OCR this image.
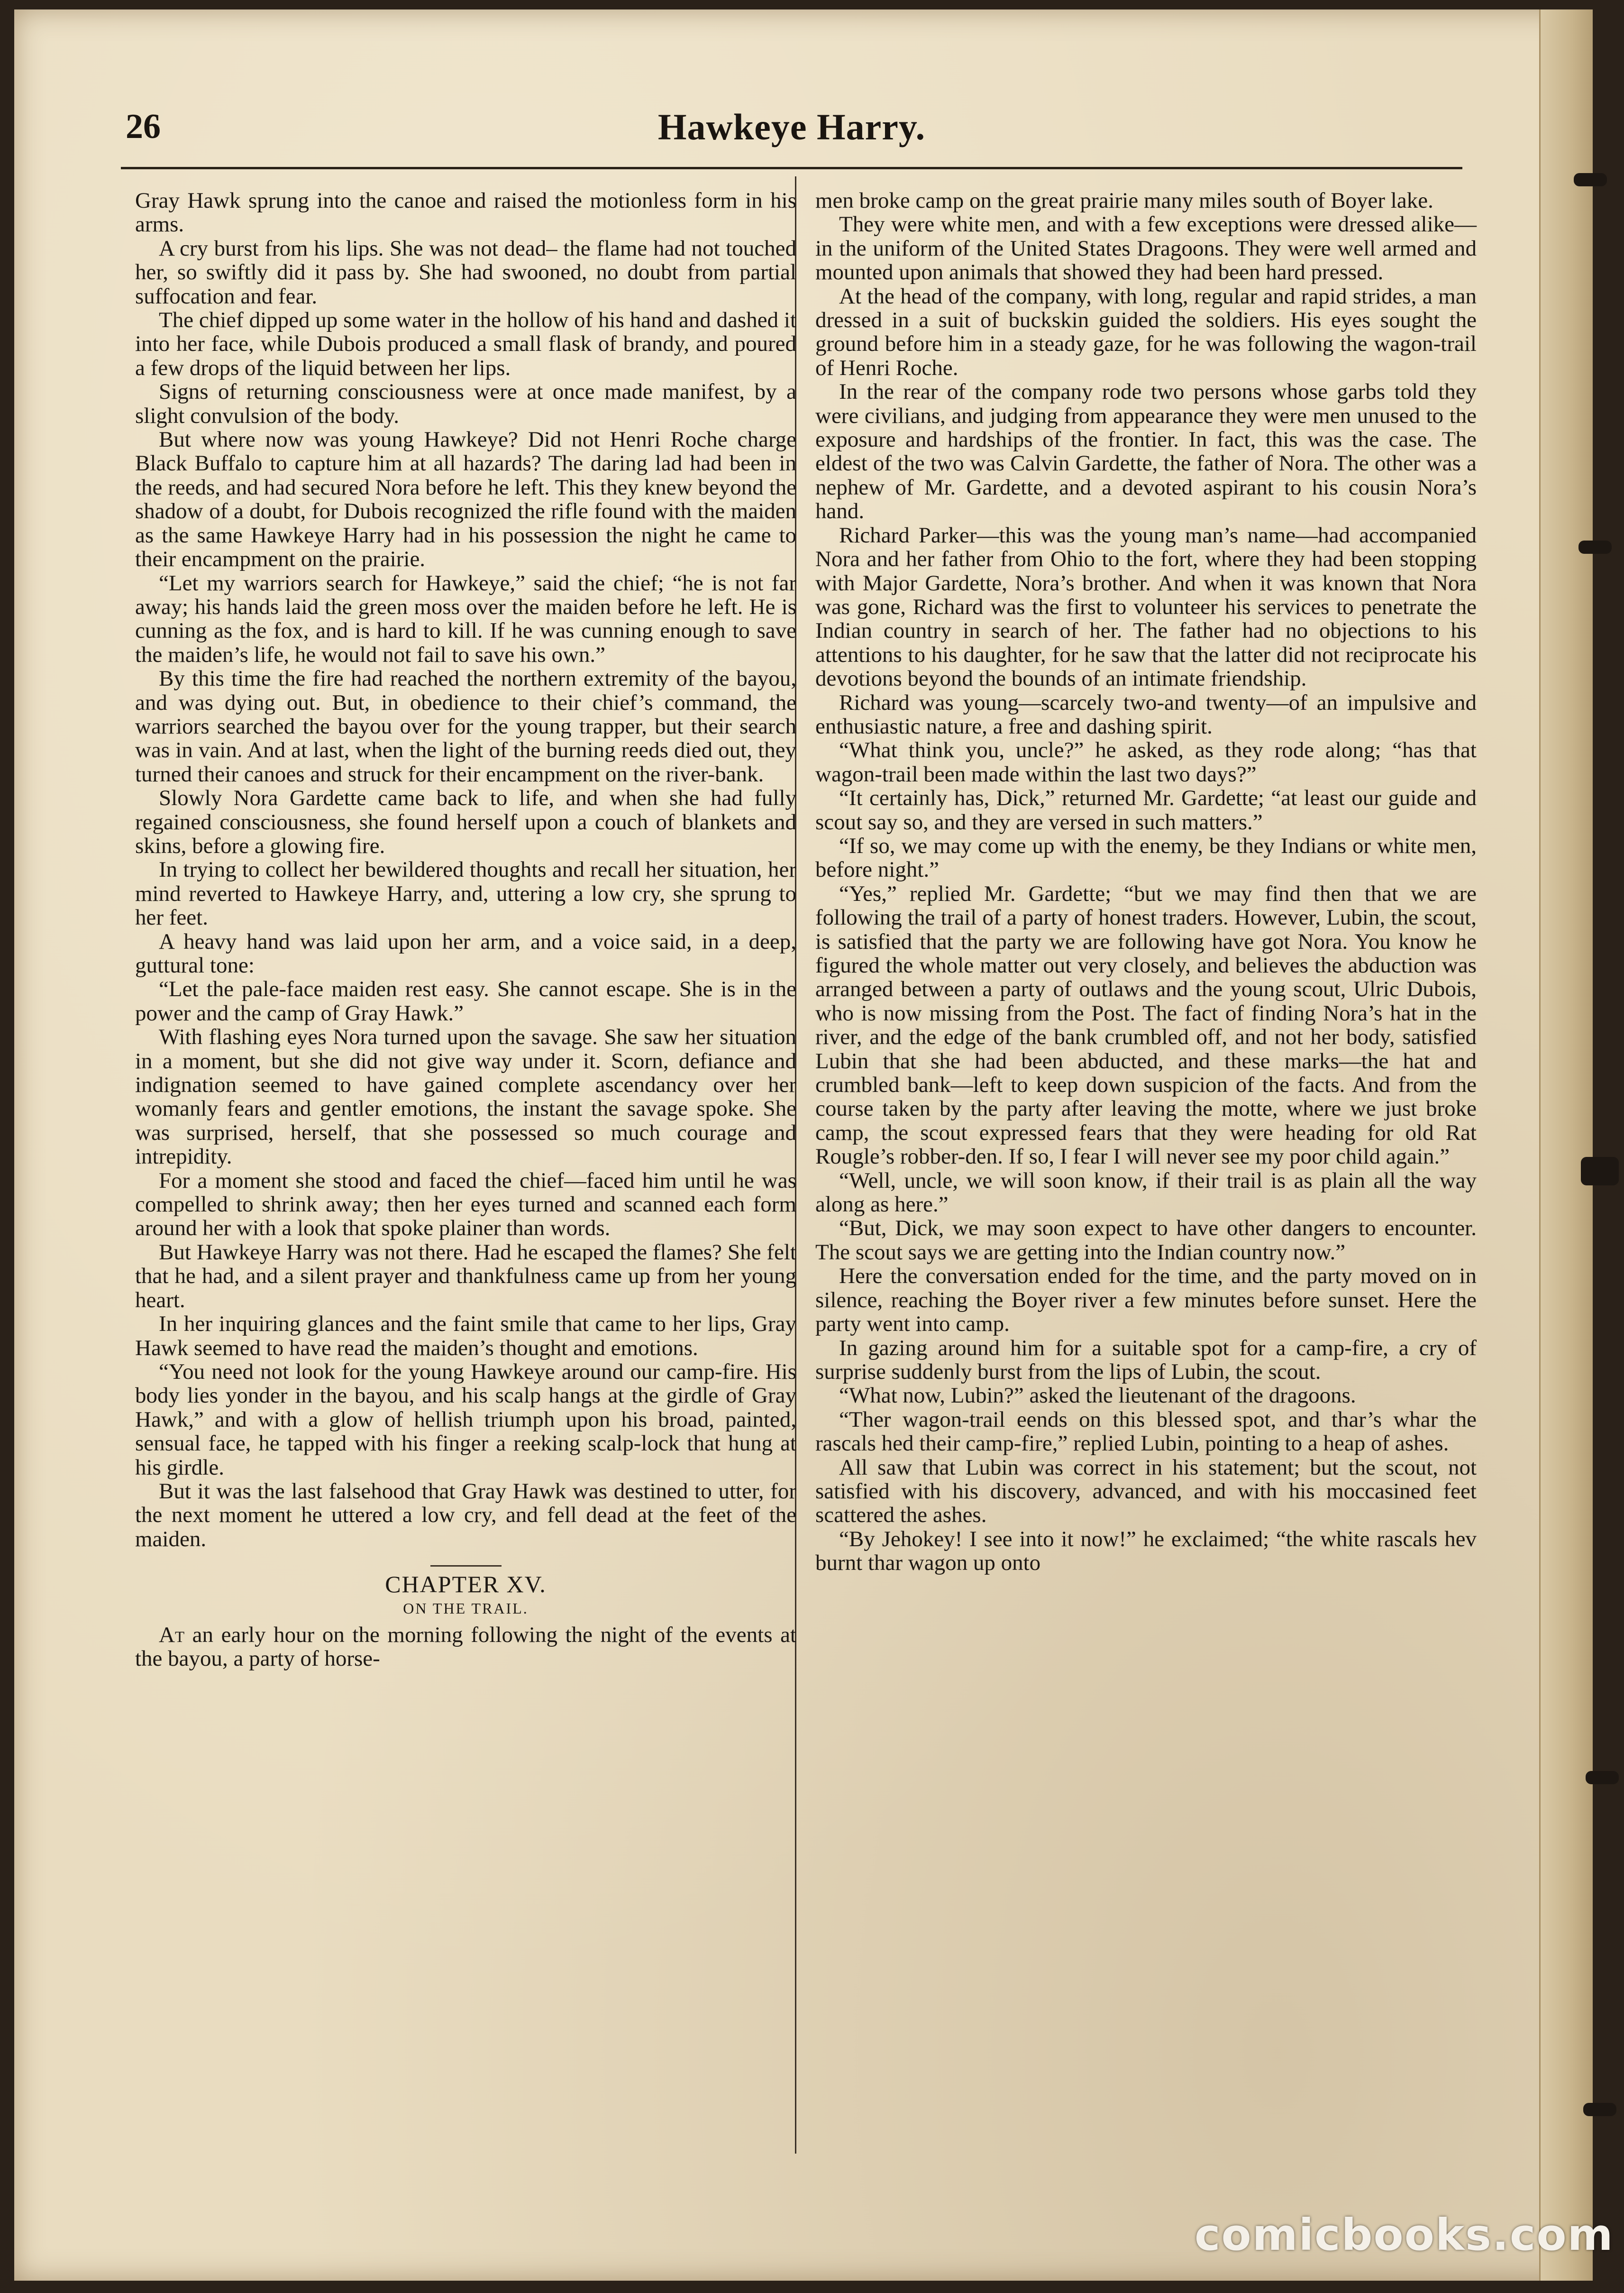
26	Hawkeye Harry.

Gray Hawk sprung into the canoe and raised the motionless form in his arms.

A cry burst from his lips. She was not dead– the flame had not touched her, so swiftly did it pass by. She had swooned, no doubt from partial suffocation and fear.

The chief dipped up some water in the hollow of his hand and dashed it into her face, while Dubois produced a small flask of brandy, and poured a few drops of the liquid between her lips.

Signs of returning consciousness were at once made manifest, by a slight convulsion of the body.

But where now was young Hawkeye? Did not Henri Roche charge Black Buffalo to capture him at all hazards? The daring lad had been in the reeds, and had secured Nora before he left. This they knew beyond the shadow of a doubt, for Dubois recognized the rifle found with the maiden as the same Hawkeye Harry had in his possession the night he came to their encampment on the prairie.

“Let my warriors search for Hawkeye,” said the chief; “he is not far away; his hands laid the green moss over the maiden before he left. He is cunning as the fox, and is hard to kill. If he was cunning enough to save the maiden’s life, he would not fail to save his own.”

By this time the fire had reached the northern extremity of the bayou, and was dying out. But, in obedience to their chief’s command, the warriors searched the bayou over for the young trapper, but their search was in vain. And at last, when the light of the burning reeds died out, they turned their canoes and struck for their encampment on the river-bank.

Slowly Nora Gardette came back to life, and when she had fully regained consciousness, she found herself upon a couch of blankets and skins, before a glowing fire.

In trying to collect her bewildered thoughts and recall her situation, her mind reverted to Hawkeye Harry, and, uttering a low cry, she sprung to her feet.

A heavy hand was laid upon her arm, and a voice said, in a deep, guttural tone:

“Let the pale-face maiden rest easy. She cannot escape. She is in the power and the camp of Gray Hawk.”

With flashing eyes Nora turned upon the savage. She saw her situation in a moment, but she did not give way under it. Scorn, defiance and indignation seemed to have gained complete ascendancy over her womanly fears and gentler emotions, the instant the savage spoke. She was surprised, herself, that she possessed so much courage and intrepidity.

For a moment she stood and faced the chief—faced him until he was compelled to shrink away; then her eyes turned and scanned each form around her with a look that spoke plainer than words.

But Hawkeye Harry was not there. Had he escaped the flames? She felt that he had, and a silent prayer and thankfulness came up from her young heart.

In her inquiring glances and the faint smile that came to her lips, Gray Hawk seemed to have read the maiden’s thought and emotions.

“You need not look for the young Hawkeye around our camp-fire. His body lies yonder in the bayou, and his scalp hangs at the girdle of Gray Hawk,” and with a glow of hellish triumph upon his broad, painted, sensual face, he tapped with his finger a reeking scalp-lock that hung at his girdle.

But it was the last falsehood that Gray Hawk was destined to utter, for the next moment he uttered a low cry, and fell dead at the feet of the maiden.

CHAPTER XV.

ON THE TRAIL.

At an early hour on the morning following the night of the events at the bayou, a party of horse-

men broke camp on the great prairie many miles south of Boyer lake.

They were white men, and with a few exceptions were dressed alike—in the uniform of the United States Dragoons. They were well armed and mounted upon animals that showed they had been hard pressed.

At the head of the company, with long, regular and rapid strides, a man dressed in a suit of buckskin guided the soldiers. His eyes sought the ground before him in a steady gaze, for he was following the wagon-trail of Henri Roche.

In the rear of the company rode two persons whose garbs told they were civilians, and judging from appearance they were men unused to the exposure and hardships of the frontier. In fact, this was the case. The eldest of the two was Calvin Gardette, the father of Nora. The other was a nephew of Mr. Gardette, and a devoted aspirant to his cousin Nora’s hand.

Richard Parker—this was the young man’s name—had accompanied Nora and her father from Ohio to the fort, where they had been stopping with Major Gardette, Nora’s brother. And when it was known that Nora was gone, Richard was the first to volunteer his services to penetrate the Indian country in search of her. The father had no objections to his attentions to his daughter, for he saw that the latter did not reciprocate his devotions beyond the bounds of an intimate friendship.

Richard was young—scarcely two-and twenty—of an impulsive and enthusiastic nature, a free and dashing spirit.

“What think you, uncle?” he asked, as they rode along; “has that wagon-trail been made within the last two days?”

“It certainly has, Dick,” returned Mr. Gardette; “at least our guide and scout say so, and they are versed in such matters.”

“If so, we may come up with the enemy, be they Indians or white men, before night.”

“Yes,” replied Mr. Gardette; “but we may find then that we are following the trail of a party of honest traders. However, Lubin, the scout, is satisfied that the party we are following have got Nora. You know he figured the whole matter out very closely, and believes the abduction was arranged between a party of outlaws and the young scout, Ulric Dubois, who is now missing from the Post. The fact of finding Nora’s hat in the river, and the edge of the bank crumbled off, and not her body, satisfied Lubin that she had been abducted, and these marks—the hat and crumbled bank—left to keep down suspicion of the facts. And from the course taken by the party after leaving the motte, where we just broke camp, the scout expressed fears that they were heading for old Rat Rougle’s robber-den. If so, I fear I will never see my poor child again.”

“Well, uncle, we will soon know, if their trail is as plain all the way along as here.”

“But, Dick, we may soon expect to have other dangers to encounter. The scout says we are getting into the Indian country now.”

Here the conversation ended for the time, and the party moved on in silence, reaching the Boyer river a few minutes before sunset. Here the party went into camp.

In gazing around him for a suitable spot for a camp-fire, a cry of surprise suddenly burst from the lips of Lubin, the scout.

“What now, Lubin?” asked the lieutenant of the dragoons.

“Ther wagon-trail eends on this blessed spot, and thar’s whar the rascals hed their camp-fire,” replied Lubin, pointing to a heap of ashes.

All saw that Lubin was correct in his statement; but the scout, not satisfied with his discovery, advanced, and with his moccasined feet scattered the ashes.

“By Jehokey! I see into it now!” he exclaimed; “the white rascals hev burnt thar wagon up onto

comicbooks.com
